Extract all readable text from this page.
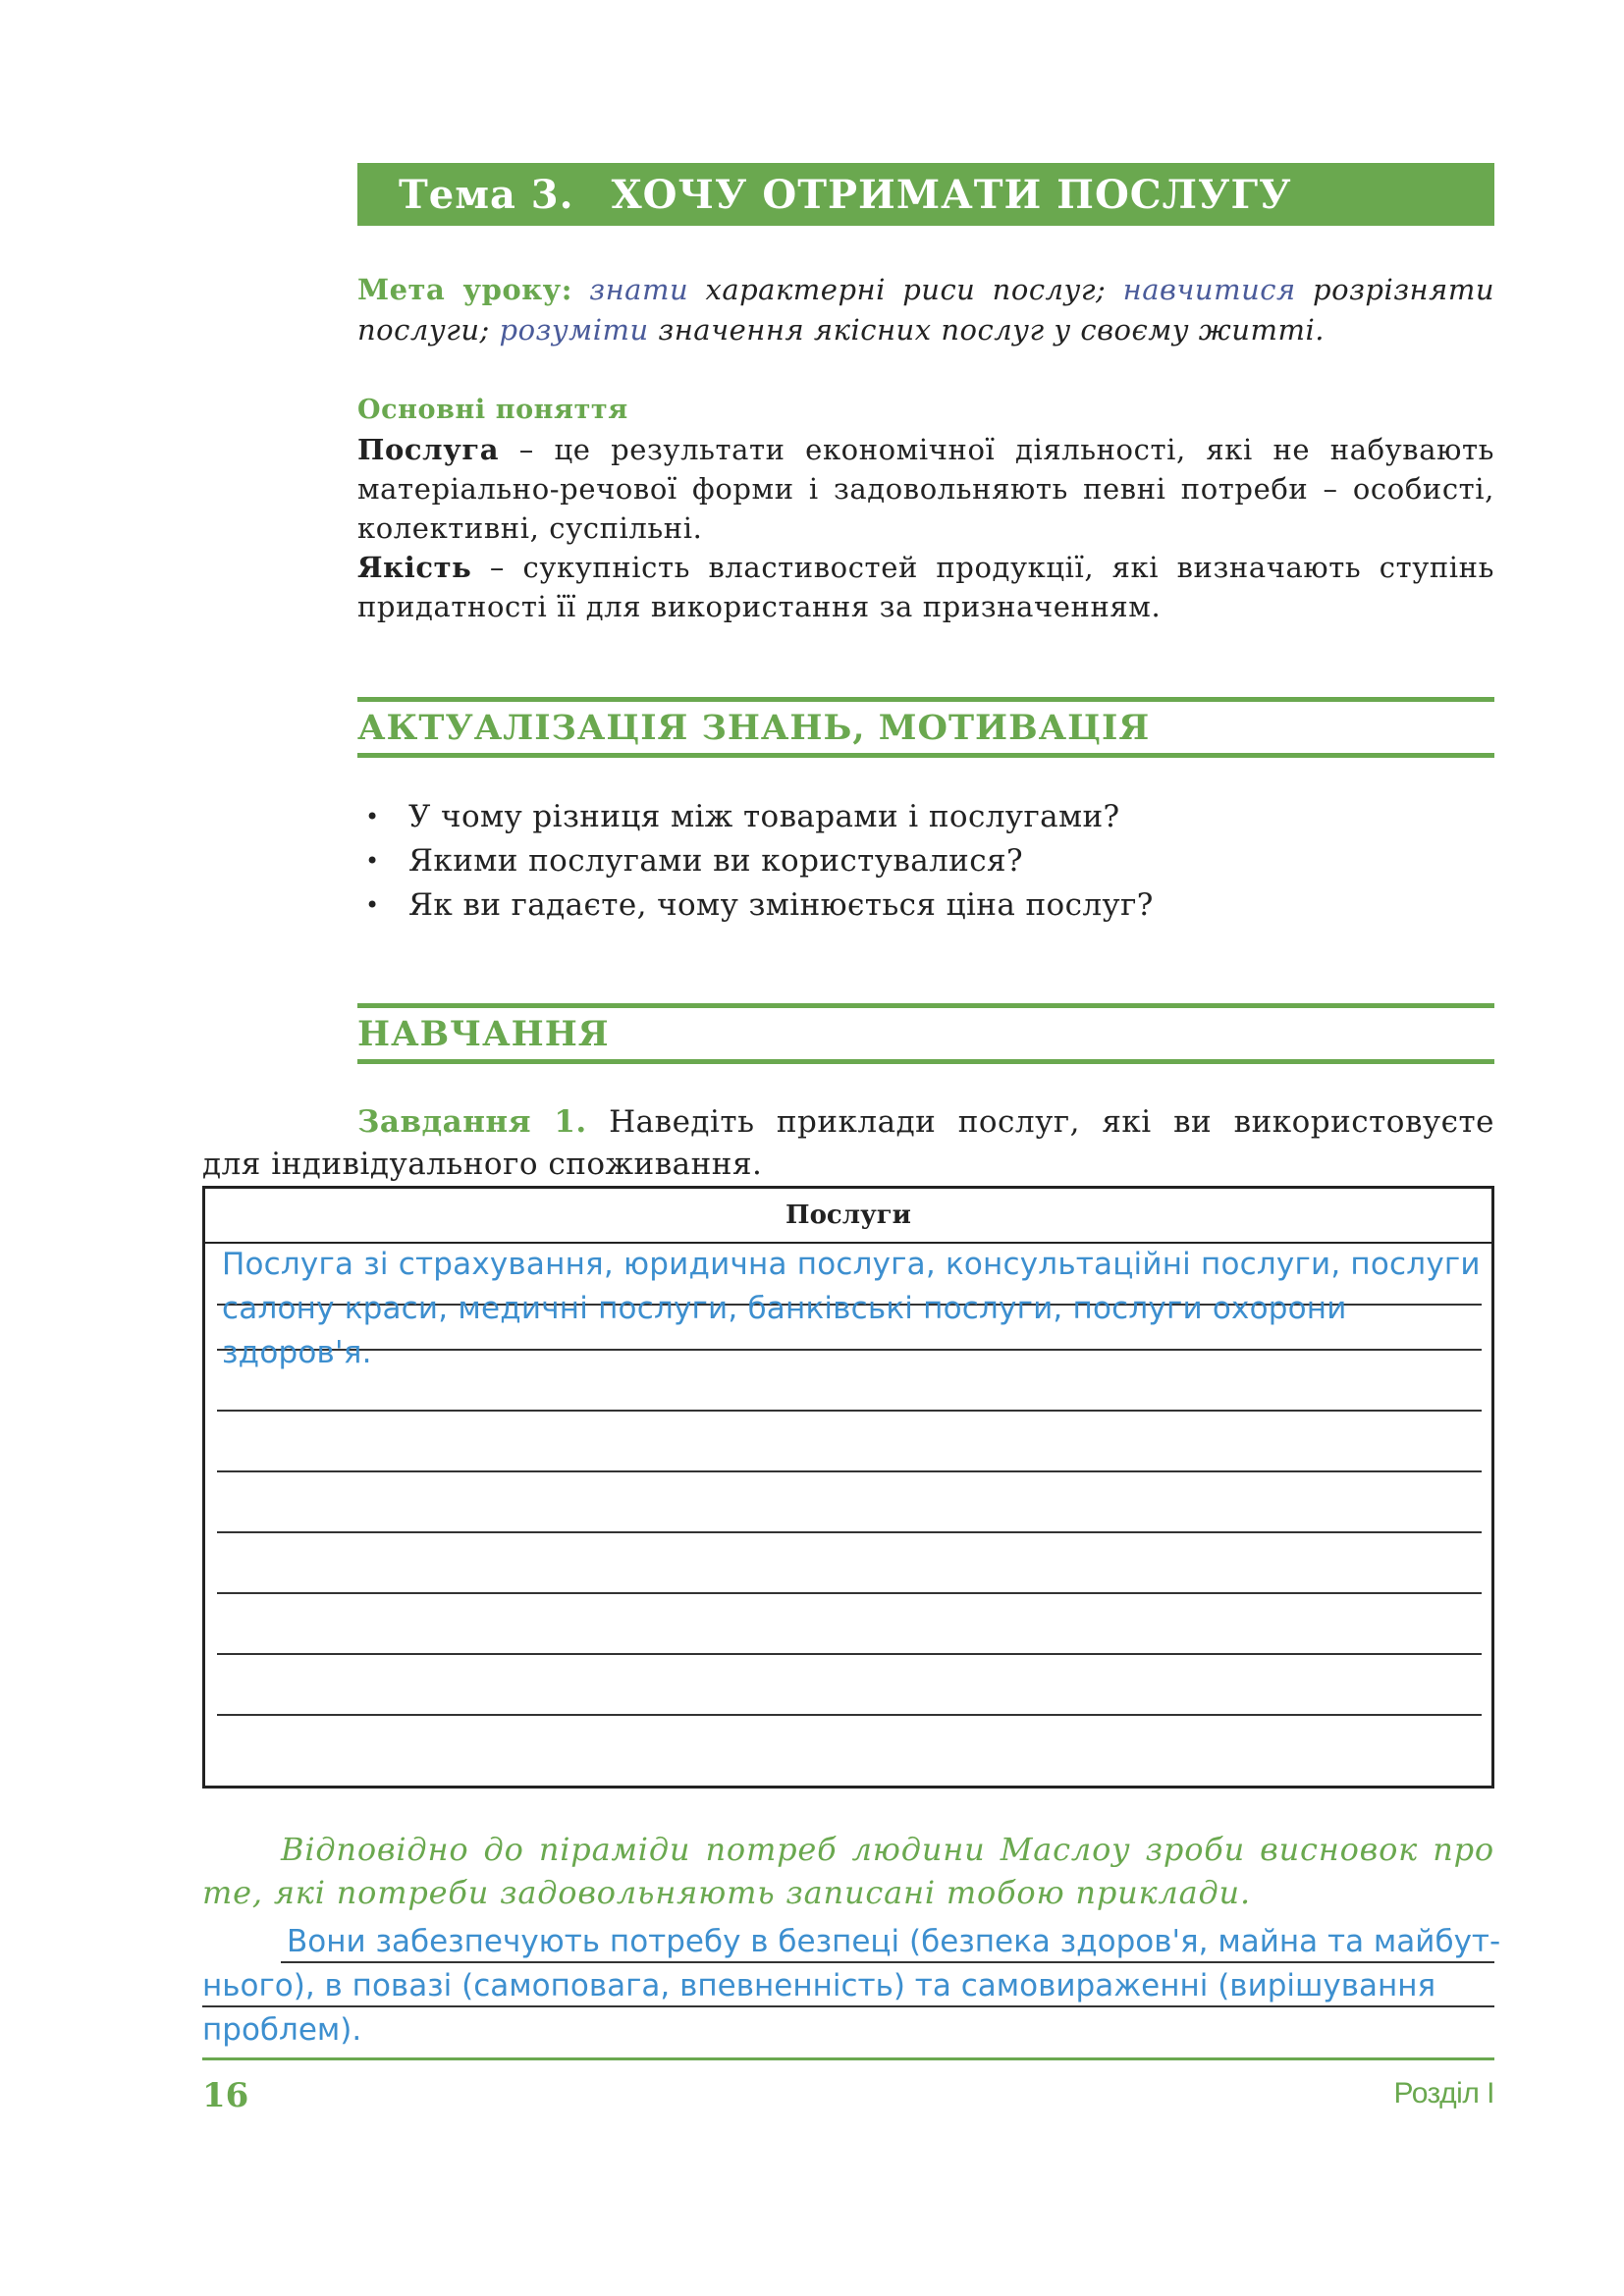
Тема 3. ХОЧУ ОТРИМАТИ ПОСЛУГУ
Мета уроку: знати характерні риси послуг; навчитися розрізняти послуги; розуміти значення якісних послуг у своєму житті.
Основні поняття

Послуга – це результати економічної діяльності, які не набувають матеріально-речової форми і задовольняють певні потреби – особисті, колективні, суспільні.

Якість – сукупність властивостей продукції, які визначають ступінь придатності її для використання за призначенням.

АКТУАЛІЗАЦІЯ ЗНАНЬ, МОТИВАЦІЯ
• У чому різниця між товарами і послугами?
• Якими послугами ви користувалися?
• Як ви гадаєте, чому змінюється ціна послуг?
НАВЧАННЯ
Завдання 1. Наведіть приклади послуг, які ви використовуєте
для індивідуального споживання.
Послуги
Послуга зі страхування, юридична послуга, консультаційні послуги, послуги
салону краси, медичні послуги, банківські послуги, послуги охорони здоров'я.
Відповідно до піраміди потреб людини Маслоу зроби висновок про
те, які потреби задовольняють записані тобою приклади.
Вони забезпечують потребу в безпеці (безпека здоров'я, майна та майбут-
нього), в повазі (самоповага, впевненність) та самовираженні (вирішування проблем).
16	Розділ I
